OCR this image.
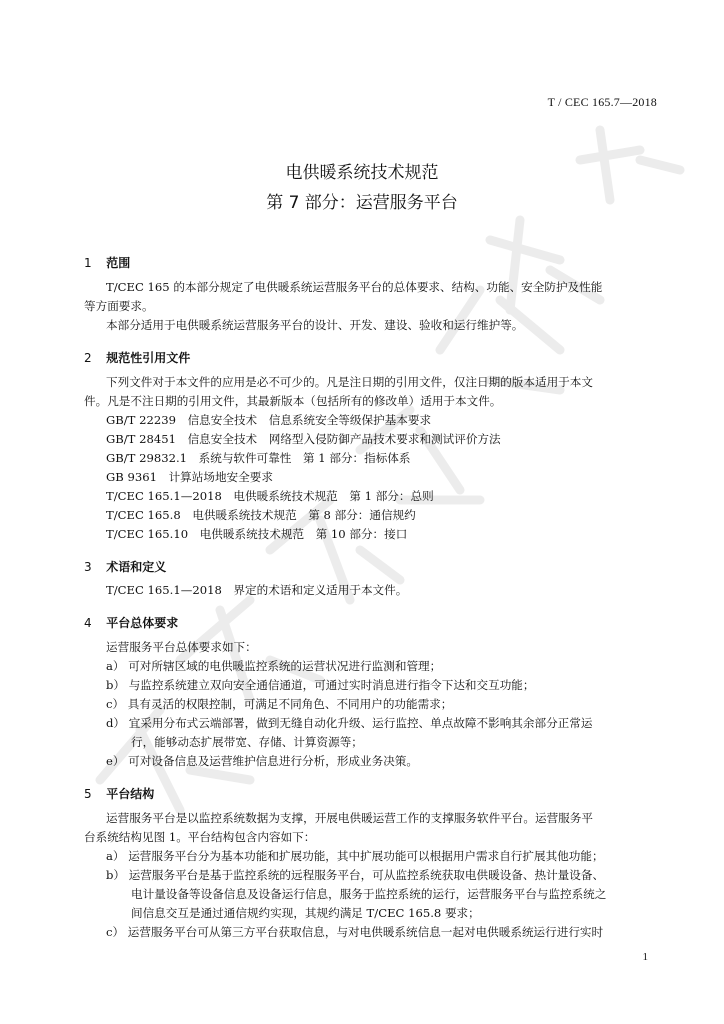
T / CEC 165.7—2018
电供暖系统技术规范
第 7 部分：运营服务平台
1 范围
T/CEC 165 的本部分规定了电供暖系统运营服务平台的总体要求、结构、功能、安全防护及性能
等方面要求。
本部分适用于电供暖系统运营服务平台的设计、开发、建设、验收和运行维护等。
2 规范性引用文件
下列文件对于本文件的应用是必不可少的。凡是注日期的引用文件，仅注日期的版本适用于本文
件。凡是不注日期的引用文件，其最新版本（包括所有的修改单）适用于本文件。
GB/T 22239　信息安全技术　信息系统安全等级保护基本要求
GB/T 28451　信息安全技术　网络型入侵防御产品技术要求和测试评价方法
GB/T 29832.1　系统与软件可靠性　第 1 部分：指标体系
GB 9361　计算站场地安全要求
T/CEC 165.1—2018　电供暖系统技术规范　第 1 部分：总则
T/CEC 165.8　电供暖系统技术规范　第 8 部分：通信规约
T/CEC 165.10　电供暖系统技术规范　第 10 部分：接口
3 术语和定义
T/CEC 165.1—2018　界定的术语和定义适用于本文件。
4 平台总体要求
运营服务平台总体要求如下：
a） 可对所辖区域的电供暖监控系统的运营状况进行监测和管理；
b） 与监控系统建立双向安全通信通道，可通过实时消息进行指令下达和交互功能；
c） 具有灵活的权限控制，可满足不同角色、不同用户的功能需求；
d） 宜采用分布式云端部署，做到无缝自动化升级、运行监控、单点故障不影响其余部分正常运
行，能够动态扩展带宽、存储、计算资源等；
e） 可对设备信息及运营维护信息进行分析，形成业务决策。
5 平台结构
运营服务平台是以监控系统数据为支撑，开展电供暖运营工作的支撑服务软件平台。运营服务平
台系统结构见图 1。平台结构包含内容如下：
a） 运营服务平台分为基本功能和扩展功能，其中扩展功能可以根据用户需求自行扩展其他功能；
b） 运营服务平台是基于监控系统的远程服务平台，可从监控系统获取电供暖设备、热计量设备、
电计量设备等设备信息及设备运行信息，服务于监控系统的运行，运营服务平台与监控系统之
间信息交互是通过通信规约实现，其规约满足 T/CEC 165.8 要求；
c） 运营服务平台可从第三方平台获取信息，与对电供暖系统信息一起对电供暖系统运行进行实时
1
